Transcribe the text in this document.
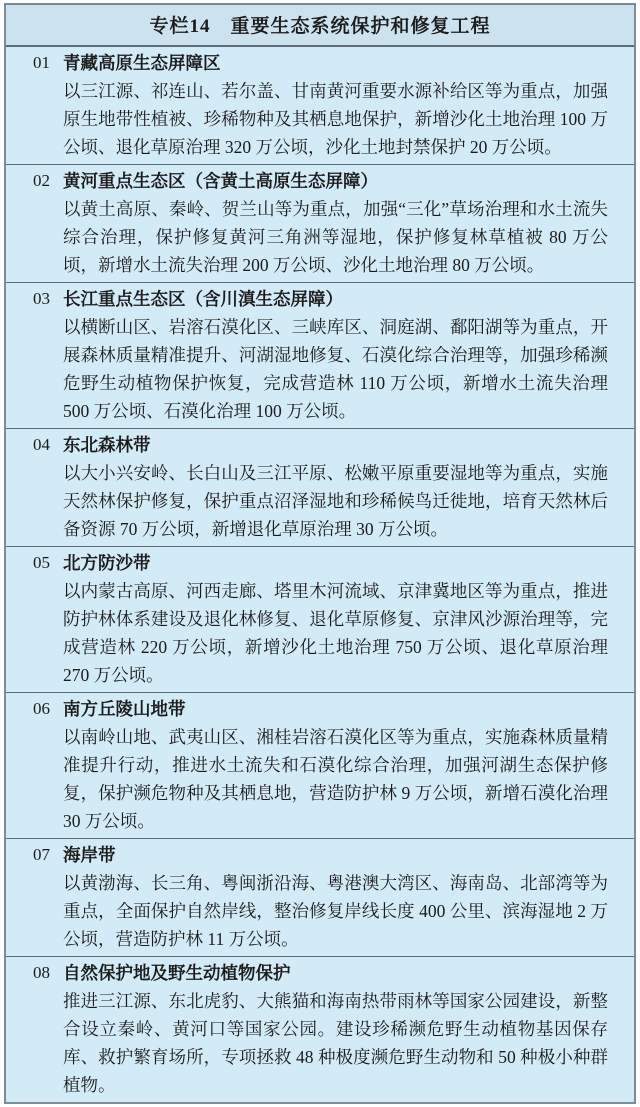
专栏14　重要生态系统保护和修复工程
01 青藏高原生态屏障区

以三江源、祁连山、若尔盖、甘南黄河重要水源补给区等为重点，加强原生地带性植被、珍稀物种及其栖息地保护，新增沙化土地治理 100 万公顷、退化草原治理 320 万公顷，沙化土地封禁保护 20 万公顷。

02 黄河重点生态区（含黄土高原生态屏障）

以黄土高原、秦岭、贺兰山等为重点，加强“三化”草场治理和水土流失综合治理，保护修复黄河三角洲等湿地，保护修复林草植被 80 万公顷，新增水土流失治理 200 万公顷、沙化土地治理 80 万公顷。

03 长江重点生态区（含川滇生态屏障）

以横断山区、岩溶石漠化区、三峡库区、洞庭湖、鄱阳湖等为重点，开展森林质量精准提升、河湖湿地修复、石漠化综合治理等，加强珍稀濒危野生动植物保护恢复，完成营造林 110 万公顷，新增水土流失治理 500 万公顷、石漠化治理 100 万公顷。

04 东北森林带

以大小兴安岭、长白山及三江平原、松嫩平原重要湿地等为重点，实施天然林保护修复，保护重点沼泽湿地和珍稀候鸟迁徙地，培育天然林后备资源 70 万公顷，新增退化草原治理 30 万公顷。

05 北方防沙带

以内蒙古高原、河西走廊、塔里木河流域、京津冀地区等为重点，推进防护林体系建设及退化林修复、退化草原修复、京津风沙源治理等，完成营造林 220 万公顷，新增沙化土地治理 750 万公顷、退化草原治理 270 万公顷。

06 南方丘陵山地带

以南岭山地、武夷山区、湘桂岩溶石漠化区等为重点，实施森林质量精准提升行动，推进水土流失和石漠化综合治理，加强河湖生态保护修复，保护濒危物种及其栖息地，营造防护林 9 万公顷，新增石漠化治理 30 万公顷。

07 海岸带

以黄渤海、长三角、粤闽浙沿海、粤港澳大湾区、海南岛、北部湾等为重点，全面保护自然岸线，整治修复岸线长度 400 公里、滨海湿地 2 万公顷，营造防护林 11 万公顷。

08 自然保护地及野生动植物保护

推进三江源、东北虎豹、大熊猫和海南热带雨林等国家公园建设，新整合设立秦岭、黄河口等国家公园。建设珍稀濒危野生动植物基因保存库、救护繁育场所，专项拯救 48 种极度濒危野生动物和 50 种极小种群植物。
